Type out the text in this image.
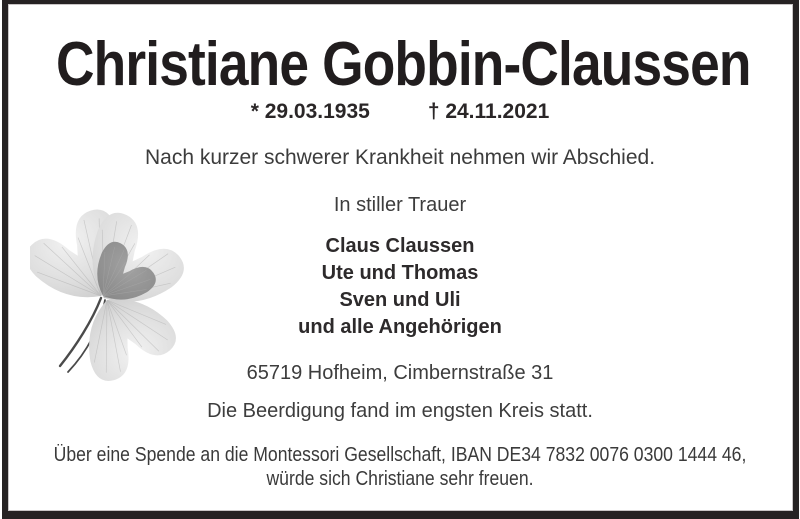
Christiane Gobbin-Claussen
* 29.03.1935	† 24.11.2021
Nach kurzer schwerer Krankheit nehmen wir Abschied.
In stiller Trauer
Claus Claussen
Ute und Thomas
Sven und Uli
und alle Angehörigen
65719 Hofheim, Cimbernstraße 31
Die Beerdigung fand im engsten Kreis statt.
Über eine Spende an die Montessori Gesellschaft, IBAN DE34 7832 0076 0300 1444 46,
würde sich Christiane sehr freuen.
